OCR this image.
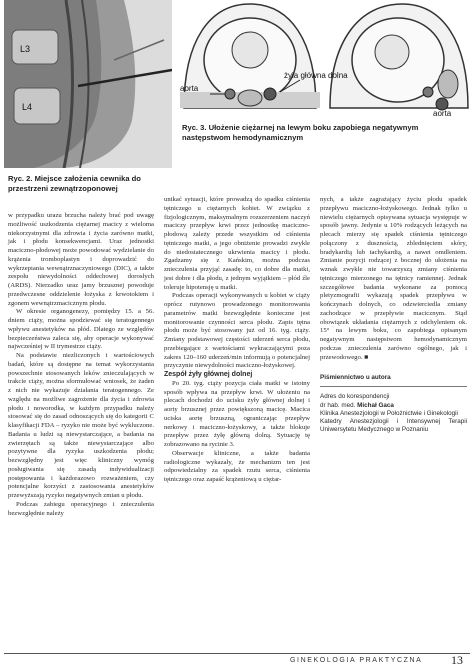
L3
L4
Ryc. 2. Miejsce założenia cewnika do przestrzeni zewnątrzoponowej
aorta
aorta
żyła główna dolna
Ryc. 3. Ułożenie ciężarnej na lewym boku zapobiega negatywnym następstwom hemodynamicznym

w przypadku urazu brzucha należy brać pod uwagę możliwość uszkodzenia ciężarnej macicy z wieloma niekorzystnymi dla zdrowia i życia zarówno matki, jak i płodu konsekwencjami. Uraz jednostki maciczno-płodowej może powodować wydzielanie do krążenia tromboplastyn i doprowadzić do wykrzepiania wewnątrznaczyniowego (DIC), a także zespołu niewydolności oddechowej dorosłych (ARDS). Nierzadko uraz jamy brzusznej powoduje przedwczesne oddzielenie łożyska z krwotokiem i zgonem wewnątrzmacicznym płodu.

W okresie organogenezy, pomiędzy 15. a 56. dniem ciąży, można spodziewać się teratogennego wpływu anestetyków na płód. Dlatego ze względów bezpieczeństwa zaleca się, aby operacje wykonywać najwcześniej w II trymestrze ciąży.

Na podstawie niezliczonych i wartościowych badań, które są dostępne na temat wykorzystania powszechnie stosowanych leków znieczulających w trakcie ciąży, można sformułować wniosek, że żaden z nich nie wykazuje działania teratogennego. Ze względu na możliwe zagrożenie dla życia i zdrowia płodu i noworodka, w każdym przypadku należy stosować się do zasad odnoszących się do kategorii C klasyfikacji FDA – ryzyko nie może być wykluczone. Badania u ludzi są niewystarczające, a badania na zwierzętach są także niewystarczające albo pozytywne dla ryzyka uszkodzenia płodu; bezwzględny jest więc kliniczny wymóg posługiwania się zasadą indywidualizacji postępowania i każdorazowo rozważeniem, czy potencjalne korzyści z zastosowania anestetyków przewyższają ryzyko negatywnych zmian u płodu.

Podczas zabiegu operacyjnego i znieczulenia bezwzględnie należy

unikać sytuacji, które prowadzą do spadku ciśnienia tętniczego u ciężarnych kobiet. W związku z fizjologicznym, maksymalnym rozszerzeniem naczyń maciczy przepływ krwi przez jednostkę maciczno-płodową zależy przede wszystkim od ciśnienia tętniczego matki, a jego obniżenie prowadzi zwykle do niedostatecznego ukrwienia macicy i płodu. Zgadzamy się z Kańskim, można podczas znieczulenia przyjąć zasadę: to, co dobre dla matki, jest dobre i dla płodu, z jednym wyjątkiem – płód źle toleruje hipotensję u matki.

Podczas operacji wykonywanych u kobiet w ciąży oprócz rutynowo prowadzonego monitorowania parametrów matki bezwzględnie konieczne jest monitorowanie czynności serca płodu. Zapis tętna płodu może być stosowany już od 16. tyg. ciąży. Zmiany podstawowej częstości uderzeń serca płodu, przebiegające z wartościami wykraczającymi poza zakres 120–160 uderzeń/min informują o potencjalnej przyczynie niewydolności maciczno-łożyskowej.

Zespół żyły głównej dolnej

Po 20. tyg. ciąży pozycja ciała matki w istotny sposób wpływa na przepływ krwi. W ułożeniu na plecach dochodzi do ucisku żyły głównej dolnej i aorty brzusznej przez powiększoną macicę. Macica uciska aortę brzuszną, ograniczając przepływ nerkowy i maciczno-łożyskowy, a także blokuje przepływ przez żyłę główną dolną. Sytuację tę zobrazowano na rycinie 3.

Obserwacje kliniczne, a także badania radiologiczne wykazały, że mechanizm ten jest odpowiedzialny za spadek rzutu serca, ciśnienia tętniczego oraz zapaść krążeniową u ciężar-

nych, a także zagrażający życiu płodu spadek przepływu maciczno-łożyskowego. Jednak tylko u niewielu ciężarnych opisywana sytuacja występuje w sposób jawny. Jedynie u 10% rodzących leżących na plecach mierzy się spadek ciśnienia tętniczego połączony z dusznością, zblednięciem skóry, bradykardią lub tachykardią, a nawet omdleniem. Zmianie pozycji rodzącej z bocznej do ułożenia na wznak zwykle nie towarzyszą zmiany ciśnienia tętniczego mierzonego na tętnicy ramiennej. Jednak szczegółowe badania wykonane za pomocą pletyzmografii wykazują spadek przepływu w kończynach dolnych, co odzwierciedla zmiany zachodzące w przepływie macicznym. Stąd obowiązek układania ciężarnych z odchyleniem ok. 15° na lewym boku, co zapobiega opisanym negatywnym następstwom hemodynamicznym podczas znieczulenia zarówno ogólnego, jak i przewodowego. ■

Piśmiennictwo u autora
Adres do korespondencji
dr hab. med. Michał Gaca
Klinika Anestezjologii w Położnictwie i Ginekologii
Katedry Anestezjologii i Intensywnej Terapii Uniwersytetu Medycznego w Poznaniu
GINEKOLOGIA PRAKTYCZNA 13
